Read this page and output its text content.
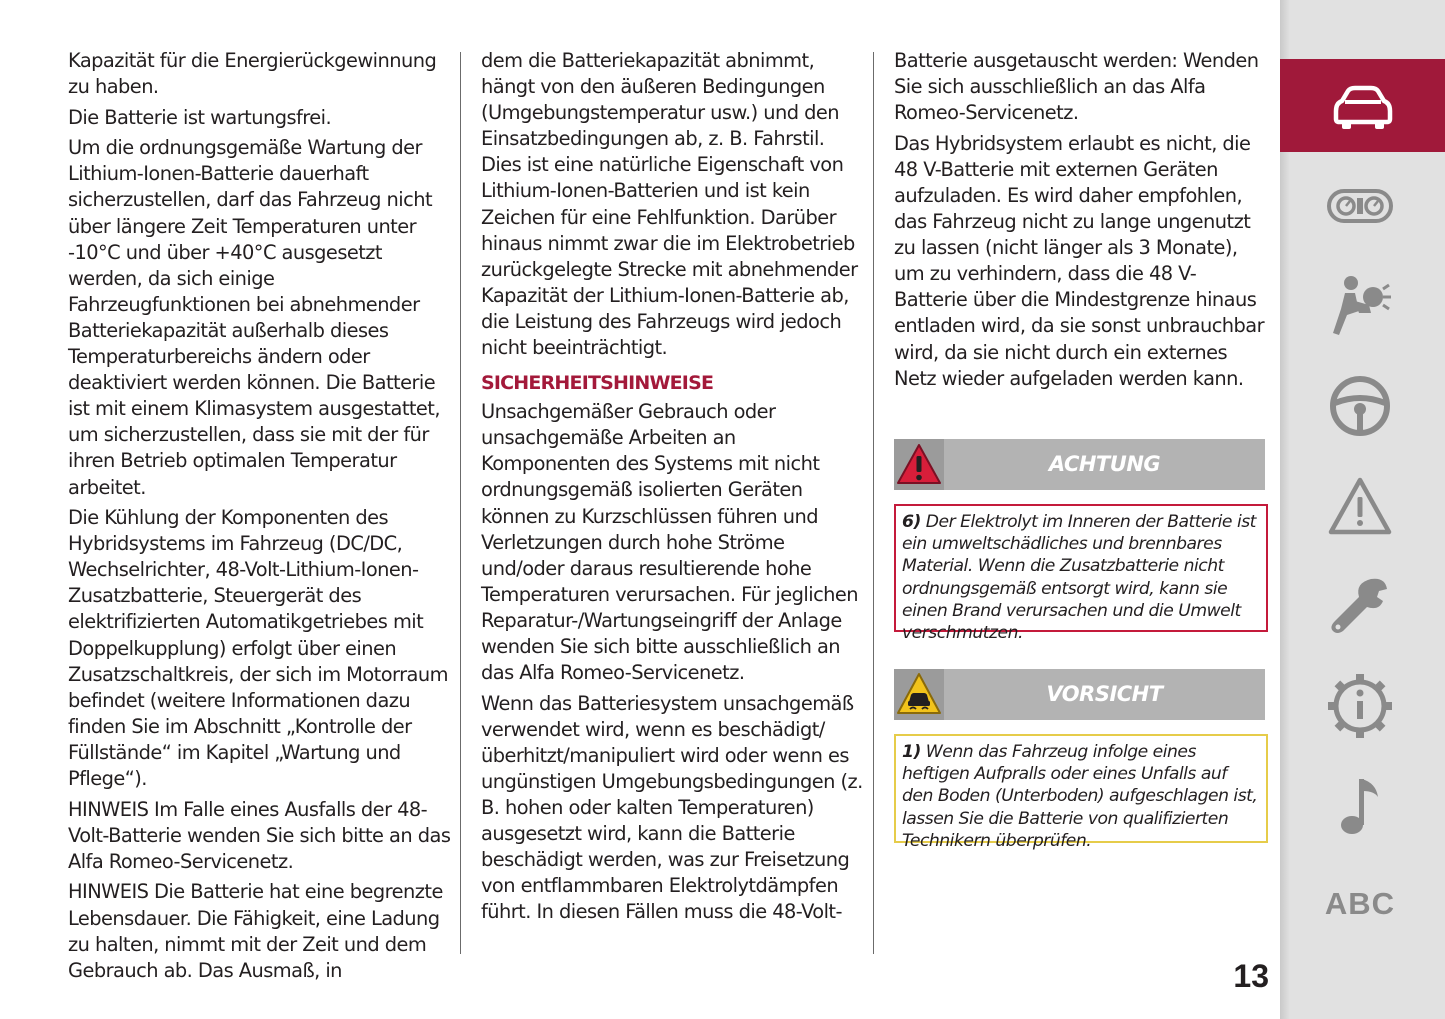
Kapazität für die Energierückgewinnung zu haben.

Die Batterie ist wartungsfrei.

Um die ordnungsgemäße Wartung der Lithium-Ionen-Batterie dauerhaft sicherzustellen, darf das Fahrzeug nicht über längere Zeit Temperaturen unter -10°C und über +40°C ausgesetzt werden, da sich einige Fahrzeugfunktionen bei abnehmender Batteriekapazität außerhalb dieses Temperaturbereichs ändern oder deaktiviert werden können. Die Batterie ist mit einem Klimasystem ausgestattet, um sicherzustellen, dass sie mit der für ihren Betrieb optimalen Temperatur arbeitet.

Die Kühlung der Komponenten des Hybridsystems im Fahrzeug (DC/DC, Wechselrichter, 48-Volt-Lithium-Ionen-Zusatzbatterie, Steuergerät des elektrifizierten Automatikgetriebes mit Doppelkupplung) erfolgt über einen Zusatzschaltkreis, der sich im Motorraum befindet (weitere Informationen dazu finden Sie im Abschnitt „Kontrolle der Füllstände“ im Kapitel „Wartung und Pflege“).

HINWEIS Im Falle eines Ausfalls der 48-Volt-Batterie wenden Sie sich bitte an das Alfa Romeo-Servicenetz.

HINWEIS Die Batterie hat eine begrenzte Lebensdauer. Die Fähigkeit, eine Ladung zu halten, nimmt mit der Zeit und dem Gebrauch ab. Das Ausmaß, in

dem die Batteriekapazität abnimmt, hängt von den äußeren Bedingungen (Umgebungstemperatur usw.) und den Einsatzbedingungen ab, z. B. Fahrstil. Dies ist eine natürliche Eigenschaft von Lithium-Ionen-Batterien und ist kein Zeichen für eine Fehlfunktion. Darüber hinaus nimmt zwar die im Elektrobetrieb zurückgelegte Strecke mit abnehmender Kapazität der Lithium-Ionen-Batterie ab, die Leistung des Fahrzeugs wird jedoch nicht beeinträchtigt.

SICHERHEITSHINWEISE

Unsachgemäßer Gebrauch oder unsachgemäße Arbeiten an Komponenten des Systems mit nicht ordnungsgemäß isolierten Geräten können zu Kurzschlüssen führen und Verletzungen durch hohe Ströme und/oder daraus resultierende hohe Temperaturen verursachen. Für jeglichen Reparatur-/Wartungseingriff der Anlage wenden Sie sich bitte ausschließlich an das Alfa Romeo-Servicenetz.

Wenn das Batteriesystem unsachgemäß verwendet wird, wenn es beschädigt/überhitzt/manipuliert wird oder wenn es ungünstigen Umgebungsbedingungen (z. B. hohen oder kalten Temperaturen) ausgesetzt wird, kann die Batterie beschädigt werden, was zur Freisetzung von entflammbaren Elektrolytdämpfen führt. In diesen Fällen muss die 48-Volt-

Batterie ausgetauscht werden: Wenden Sie sich ausschließlich an das Alfa Romeo-Servicenetz.

Das Hybridsystem erlaubt es nicht, die 48 V-Batterie mit externen Geräten aufzuladen. Es wird daher empfohlen, das Fahrzeug nicht zu lange ungenutzt zu lassen (nicht länger als 3 Monate), um zu verhindern, dass die 48 V-Batterie über die Mindestgrenze hinaus entladen wird, da sie sonst unbrauchbar wird, da sie nicht durch ein externes Netz wieder aufgeladen werden kann.

ACHTUNG
6) Der Elektrolyt im Inneren der Batterie ist ein umweltschädliches und brennbares Material. Wenn die Zusatzbatterie nicht ordnungsgemäß entsorgt wird, kann sie einen Brand verursachen und die Umwelt verschmutzen.
VORSICHT
1) Wenn das Fahrzeug infolge eines heftigen Aufpralls oder eines Unfalls auf den Boden (Unterboden) aufgeschlagen ist, lassen Sie die Batterie von qualifizierten Technikern überprüfen.
ABC
13
